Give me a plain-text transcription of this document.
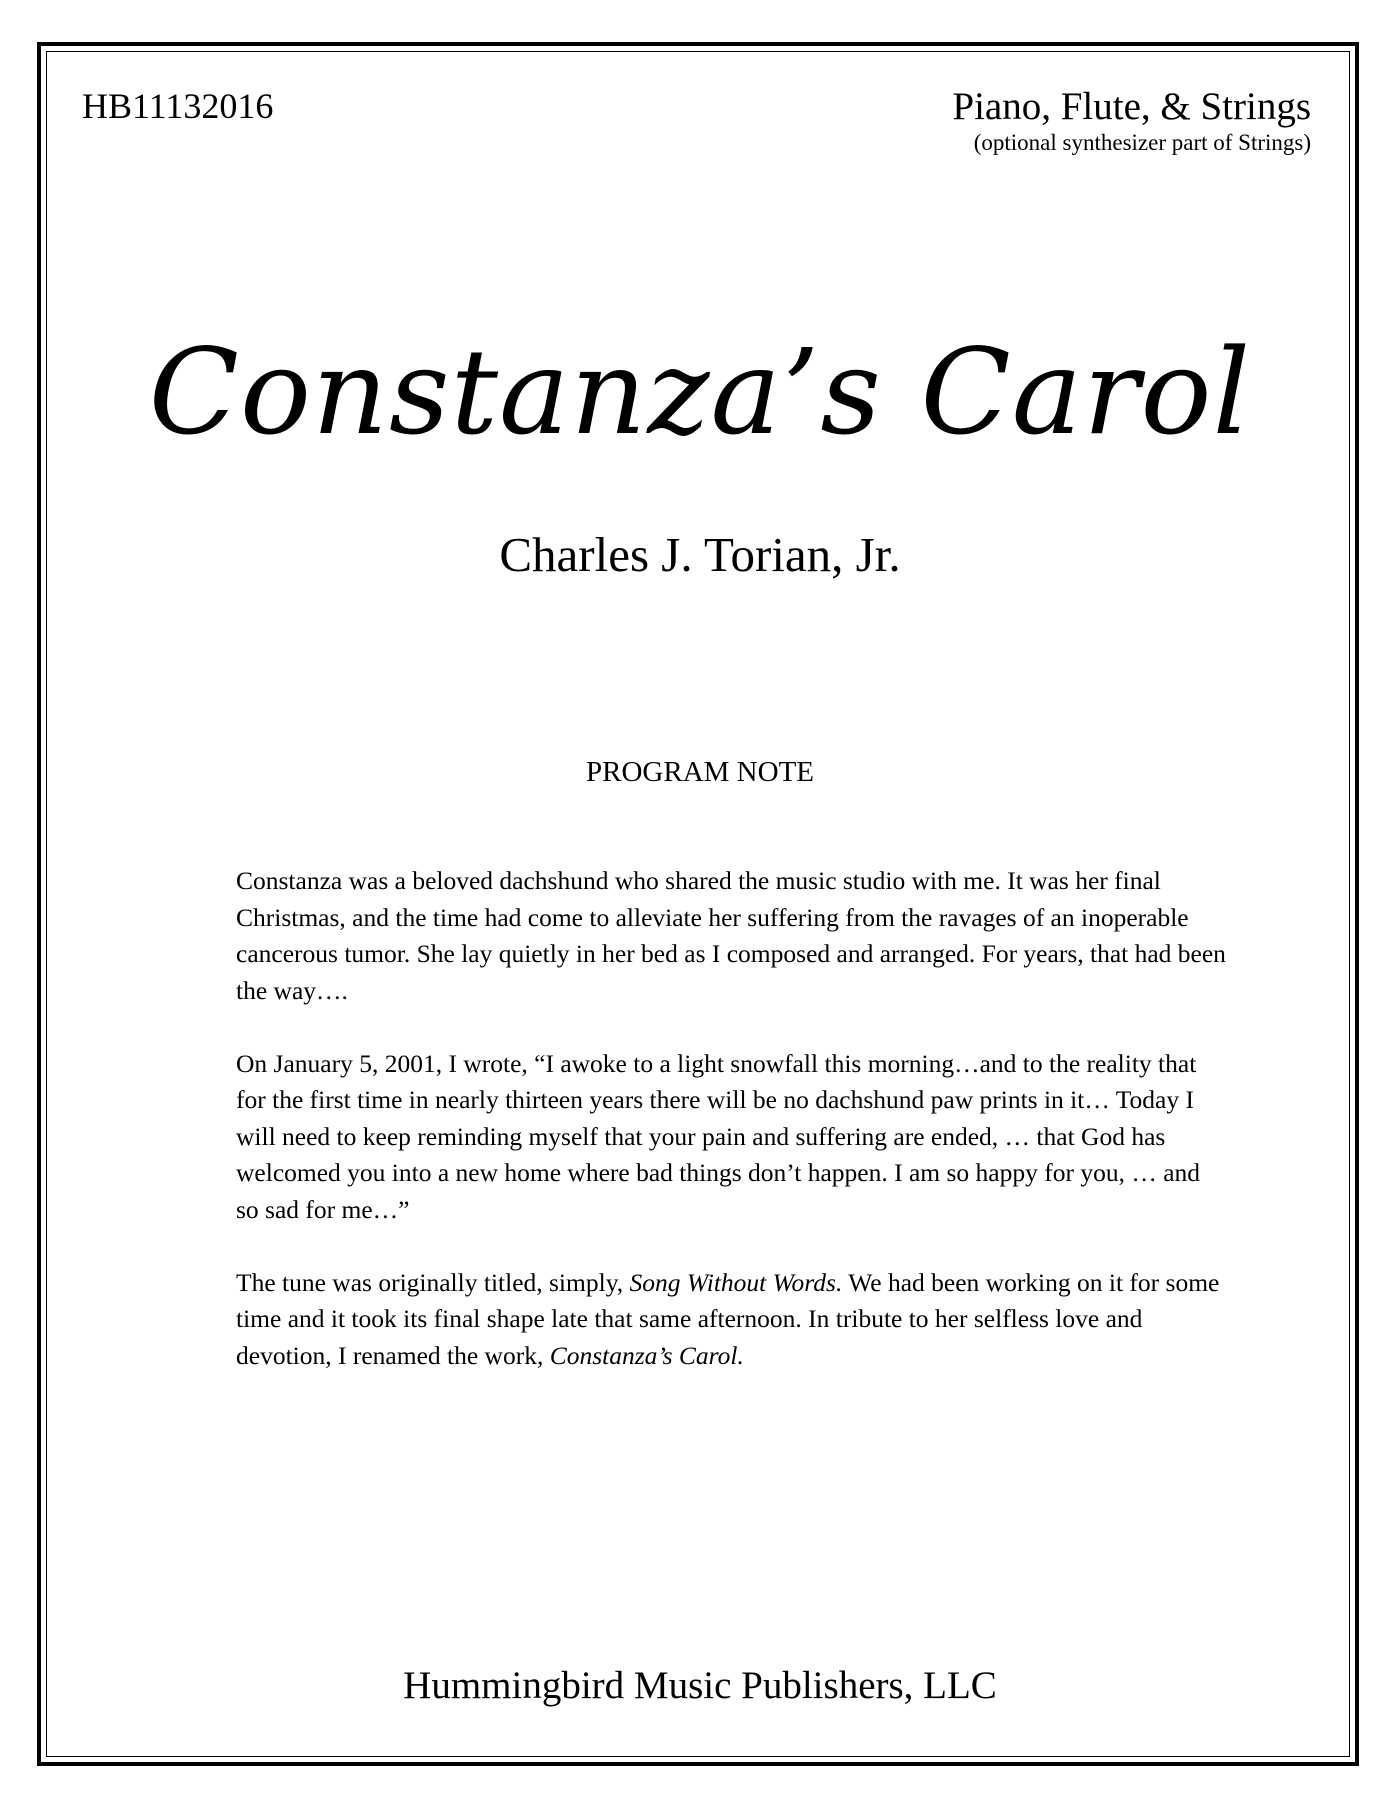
HB11132016	Piano, Flute, & Strings
(optional synthesizer part of Strings)
Constanza’s Carol
Charles J. Torian, Jr.
PROGRAM NOTE

Constanza was a beloved dachshund who shared the music studio with me. It was her final Christmas, and the time had come to alleviate her suffering from the ravages of an inoperable cancerous tumor. She lay quietly in her bed as I composed and arranged. For years, that had been the way….

On January 5, 2001, I wrote, “I awoke to a light snowfall this morning…and to the reality that for the first time in nearly thirteen years there will be no dachshund paw prints in it… Today I will need to keep reminding myself that your pain and suffering are ended, … that God has welcomed you into a new home where bad things don’t happen. I am so happy for you, … and so sad for me…”

The tune was originally titled, simply, Song Without Words. We had been working on it for some time and it took its final shape late that same afternoon. In tribute to her selfless love and devotion, I renamed the work, Constanza’s Carol.

Hummingbird Music Publishers, LLC
